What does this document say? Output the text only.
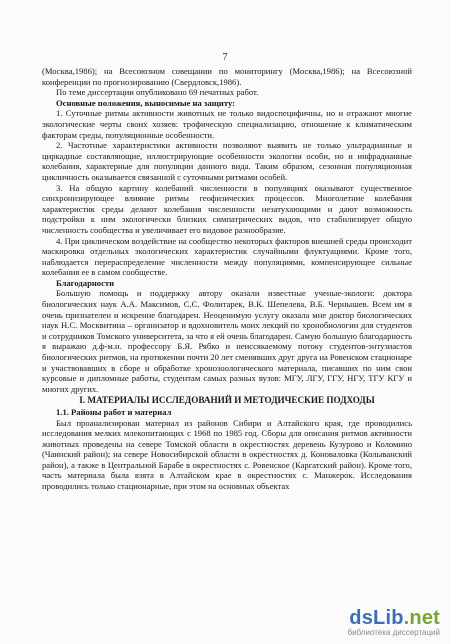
7

(Москва,1986); на Всесоюзном совещании по мониторингу (Москва,1986); на Всесоюзной конференции по прогнозированию (Свердловск,1986).

По теме диссертации опубликовано 69 печатных работ.

Основные положения, выносимые на защиту:

1. Суточные ритмы активности животных не только видоспецифичны, но и отражают многие экологические черты своих хозяев: трофическую специализацию, отношение к климатическим факторам среды, популяционные особенности.

2. Частотные характеристики активности позволяют выявить не только ультрадианные и циркадные составляющие, иллюстрирующие особенности экологии особи, но и инфрадианные колебания, характерные для популяции данного вида. Таким образом, сезонная популяционная цикличность оказывается связанной с суточными ритмами особей.

3. На общую картину колебаний численности в популяциях оказывают существенное синхронизирующее влияние ритмы геофизических процессов. Многолетние колебания характеристик среды делают колебания численности незатухающими и дают возможность подстройки к ним экологически близких симпатрических видов, что стабилизирует общую численность сообщества и увеличивает его видовое разнообразие.

4. При циклическом воздействие на сообщество некоторых факторов внешней среды происходит маскировка отдельных экологических характеристик случайными флуктуациями. Кроме того, наблюдается перераспределение численности между популяциями, компенсирующее сильные колебания ее в самом сообществе.

Благодарности

Большую помощь и поддержку автору оказали известные ученые-экологи: доктора биологических наук А.А. Максимов, С.С. Фолитарек, В.К. Шепелева, В.Б. Чернышев. Всем им я очень признателен и искренне благодарен. Неоценимую услугу оказала мне доктор биологических наук Н.С. Москвитина – организатор и вдохновитель моих лекций по хронобиологии для студентов и сотрудников Томского университета, за что я ей очень благодарен. Самую большую благодарность я выражаю д.ф-м.н. профессору Б.Я. Рябко и неиссякаемому потоку студентов-энтузиастов биологических ритмов, на протяжении почти 20 лет сменявших друг друга на Ровенском стационаре и участвовавших в сборе и обработке хронозоологического материала, писавших по ним свои курсовые и дипломные работы, студентам самых разных вузов: МГУ, ЛГУ, ГГУ, НГУ, ТГУ КГУ и многих других.

I. МАТЕРИАЛЫ ИССЛЕДОВАНИЙ И МЕТОДИЧЕСКИЕ ПОДХОДЫ
1.1. Районы работ и материал

Был проанализирован материал из районов Сибири и Алтайского края, где проводились исследования мелких млекопитающих с 1968 по 1985 год. Сборы для описания ритмов активности животных проведены на севере Томской области в окрестностях деревень Кузурово и Коломино (Чаинский район); на севере Новосибирской области в окрестностях д. Коноваловка (Колыванский район), а также в Центральной Барабе в окрестностях с. Ровенское (Каргатский район). Кроме того, часть материала была взята в Алтайском крае в окрестностях с. Манжерок. Исследования проводились только стационарные, при этом на основных объектах

dsLib.net
библиотека диссертаций
